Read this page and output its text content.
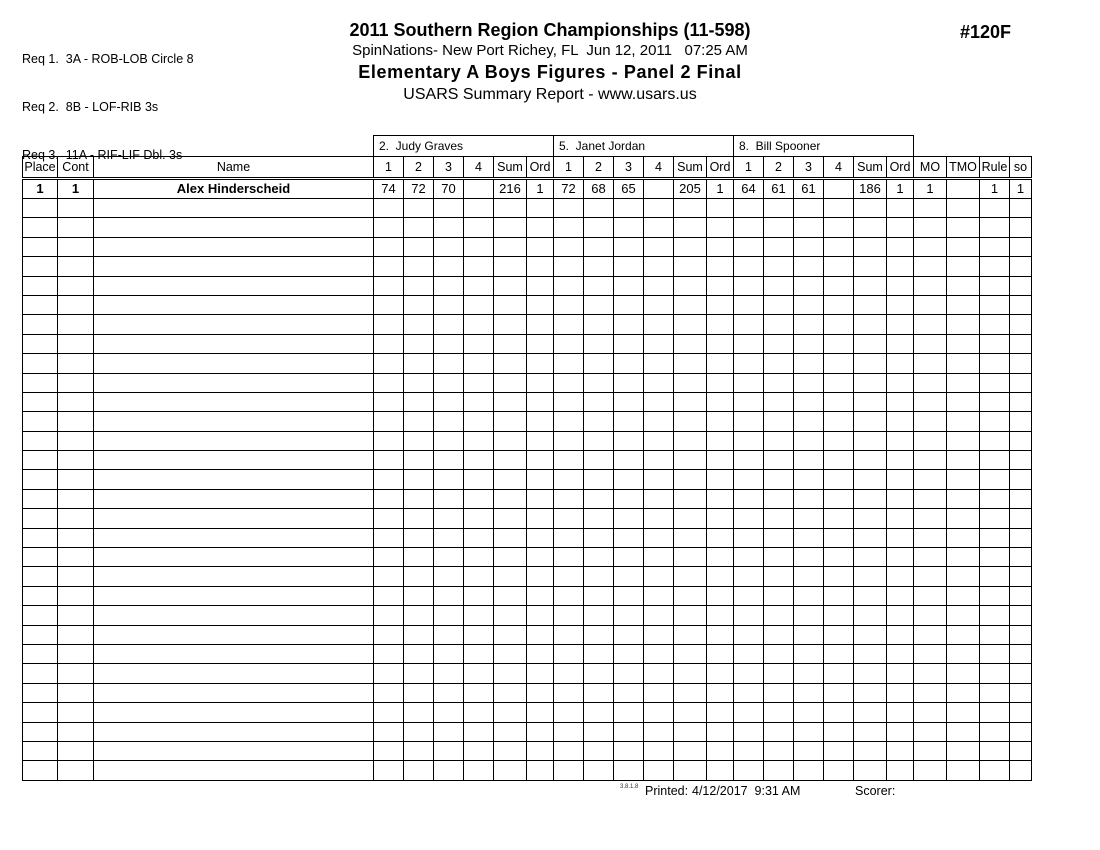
Req 1.  3A - ROB-LOB Circle 8

Req 2.  8B - LOF-RIB 3s

Req 3.  11A - RIF-LIF Dbl. 3s

2011 Southern Region Championships (11-598)
SpinNations- New Port Richey, FL  Jun 12, 2011   07:25 AM
Elementary A Boys Figures - Panel 2 Final
USARS Summary Report - www.usars.us
#120F
			2.  Judy Graves						5.  Janet Jordan						8.  Bill Spooner									
Place	Cont	Name	1	2	3	4	Sum	Ord	1	2	3	4	Sum	Ord	1	2	3	4	Sum	Ord	MO	TMO	Rule	so
1	1	Alex Hinderscheid	74	72	70		216	1	72	68	65		205	1	64	61	61		186	1	1		1	1

3.8.1.8 Printed: 4/12/2017  9:31 AM	Scorer:
